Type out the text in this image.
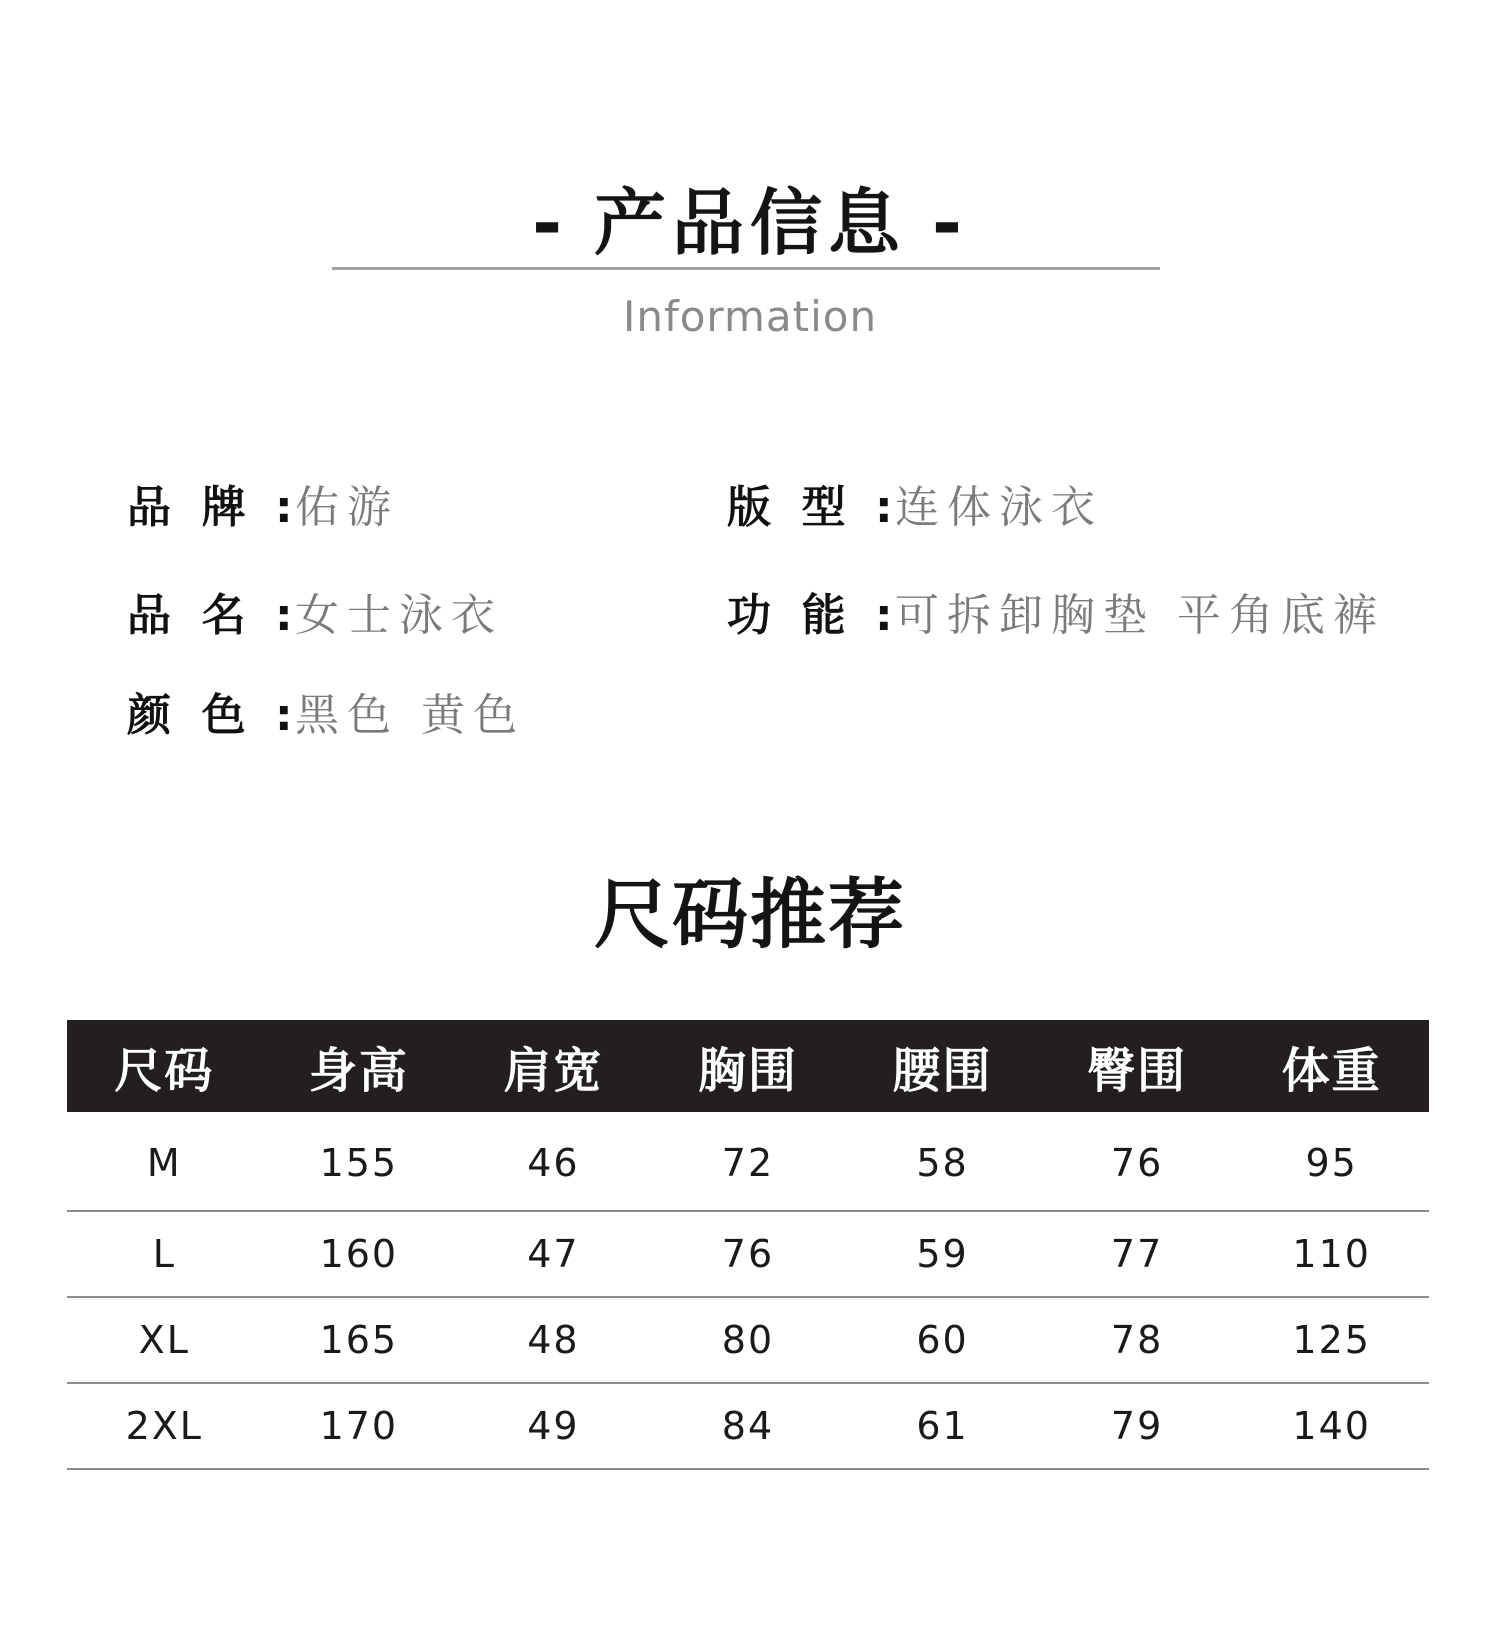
- 产品信息 -
Information
品  牌 :佑游	版  型 :连体泳衣
品  名 :女士泳衣	功  能 :可拆卸胸垫 平角底裤
颜  色 :黑色 黄色
尺码推荐
尺码	身高	肩宽	胸围	腰围	臀围	体重
M	155	46	72	58	76	95
L	160	47	76	59	77	110
XL	165	48	80	60	78	125
2XL	170	49	84	61	79	140
